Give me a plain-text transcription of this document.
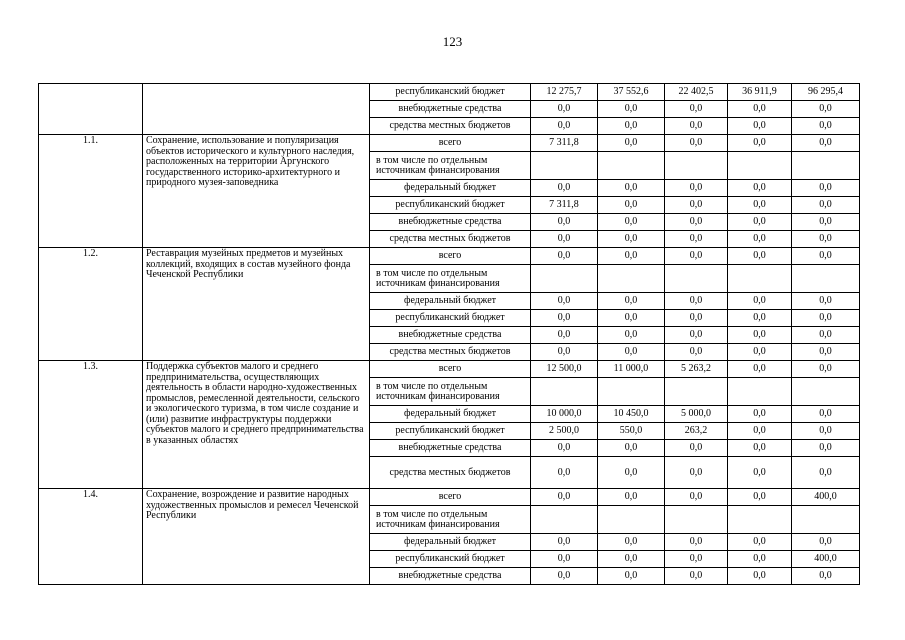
123
		республиканский бюджет	12 275,7	37 552,6	22 402,5	36 911,9	96 295,4
		внебюджетные средства	0,0	0,0	0,0	0,0	0,0
		средства местных бюджетов	0,0	0,0	0,0	0,0	0,0
1.1.	Сохранение, использование и популяризация объектов исторического и культурного наследия, расположенных на территории Аргунского государственного историко-архитектурного и природного музея-заповедника	всего	7 311,8	0,0	0,0	0,0	0,0
		в том числе по отдельным источникам финансирования					
		федеральный бюджет	0,0	0,0	0,0	0,0	0,0
		республиканский бюджет	7 311,8	0,0	0,0	0,0	0,0
		внебюджетные средства	0,0	0,0	0,0	0,0	0,0
		средства местных бюджетов	0,0	0,0	0,0	0,0	0,0
1.2.	Реставрация музейных предметов и музейных коллекций, входящих в состав музейного фонда Чеченской Республики	всего	0,0	0,0	0,0	0,0	0,0
		в том числе по отдельным источникам финансирования					
		федеральный бюджет	0,0	0,0	0,0	0,0	0,0
		республиканский бюджет	0,0	0,0	0,0	0,0	0,0
		внебюджетные средства	0,0	0,0	0,0	0,0	0,0
		средства местных бюджетов	0,0	0,0	0,0	0,0	0,0
1.3.	Поддержка субъектов малого и среднего предпринимательства, осуществляющих деятельность в области народно-художественных промыслов, ремесленной деятельности, сельского и экологического туризма, в том числе создание и (или) развитие инфраструктуры поддержки субъектов малого и среднего предпринимательства в указанных областях	всего	12 500,0	11 000,0	5 263,2	0,0	0,0
		в том числе по отдельным источникам финансирования					
		федеральный бюджет	10 000,0	10 450,0	5 000,0	0,0	0,0
		республиканский бюджет	2 500,0	550,0	263,2	0,0	0,0
		внебюджетные средства	0,0	0,0	0,0	0,0	0,0
		средства местных бюджетов	0,0	0,0	0,0	0,0	0,0
1.4.	Сохранение, возрождение и развитие народных художественных промыслов и ремесел Чеченской Республики	всего	0,0	0,0	0,0	0,0	400,0
		в том числе по отдельным источникам финансирования					
		федеральный бюджет	0,0	0,0	0,0	0,0	0,0
		республиканский бюджет	0,0	0,0	0,0	0,0	400,0
		внебюджетные средства	0,0	0,0	0,0	0,0	0,0
